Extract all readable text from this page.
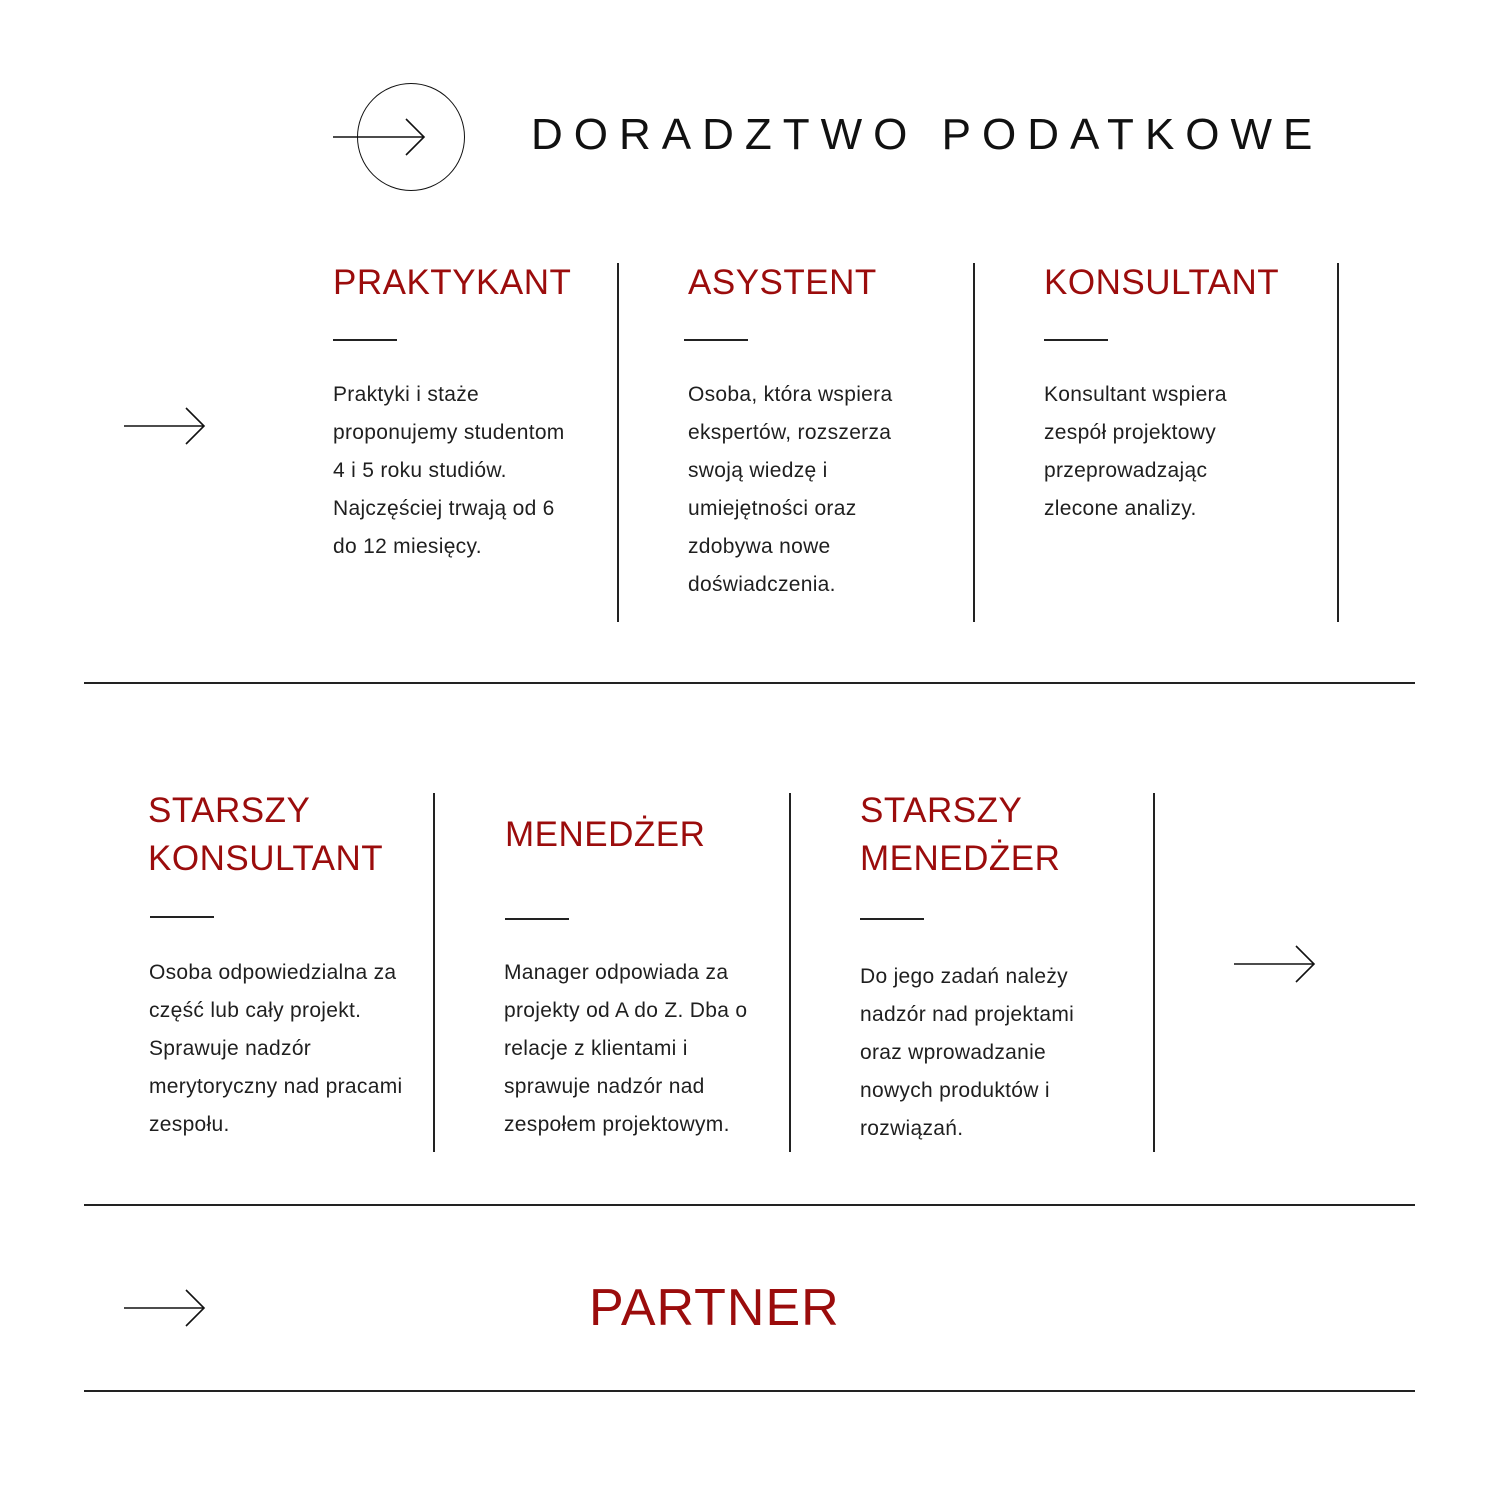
DORADZTWO PODATKOWE
PRAKTYKANT
Praktyki i staże proponujemy studentom 4 i 5 roku studiów. Najczęściej trwają od 6 do 12 miesięcy.
ASYSTENT
Osoba, która wspiera ekspertów, rozszerza swoją wiedzę i umiejętności oraz zdobywa nowe doświadczenia.
KONSULTANT
Konsultant wspiera zespół projektowy przeprowadzając zlecone analizy.
STARSZY KONSULTANT
Osoba odpowiedzialna za część lub cały projekt. Sprawuje nadzór merytoryczny nad pracami zespołu.
MENEDŻER
Manager odpowiada za projekty od A do Z. Dba o relacje z klientami i sprawuje nadzór nad zespołem projektowym.
STARSZY MENEDŻER
Do jego zadań należy nadzór nad projektami oraz wprowadzanie nowych produktów i rozwiązań.
PARTNER
